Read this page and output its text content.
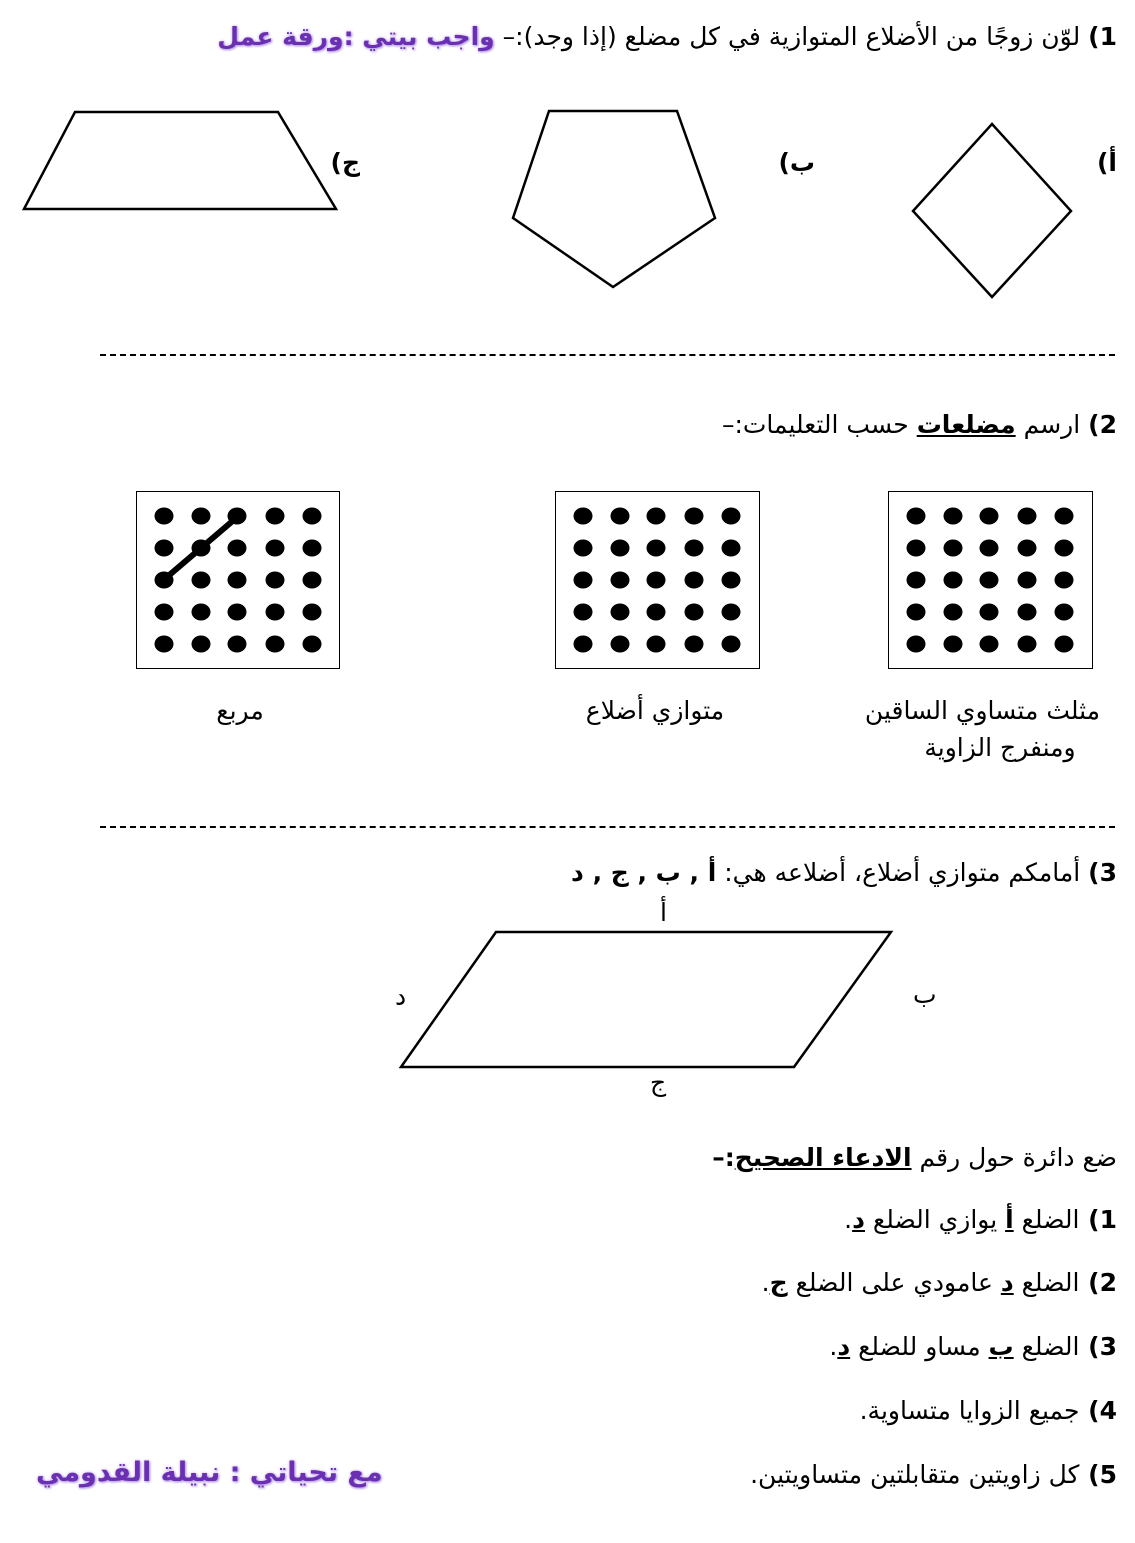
1) لوّن زوجًا من الأضلاع المتوازية في كل مضلع (إذا وجد):– واجب بيتي :ورقة عمل
ج)	ب)	أ)
2) ارسم مضلعات حسب التعليمات:–
مربع	متوازي أضلاع	مثلث متساوي الساقين
ومنفرج الزاوية
3) أمامكم متوازي أضلاع، أضلاعه هي: أ , ب , ج , د
أ
ب
د
ج
ضع دائرة حول رقم الادعاء الصحيح:–
1) الضلع أ يوازي الضلع د.
2) الضلع د عامودي على الضلع ج.
3) الضلع ب مساو للضلع د.
4) جميع الزوايا متساوية.
5) كل زاويتين متقابلتين متساويتين.
مع تحياتي : نبيلة القدومي
